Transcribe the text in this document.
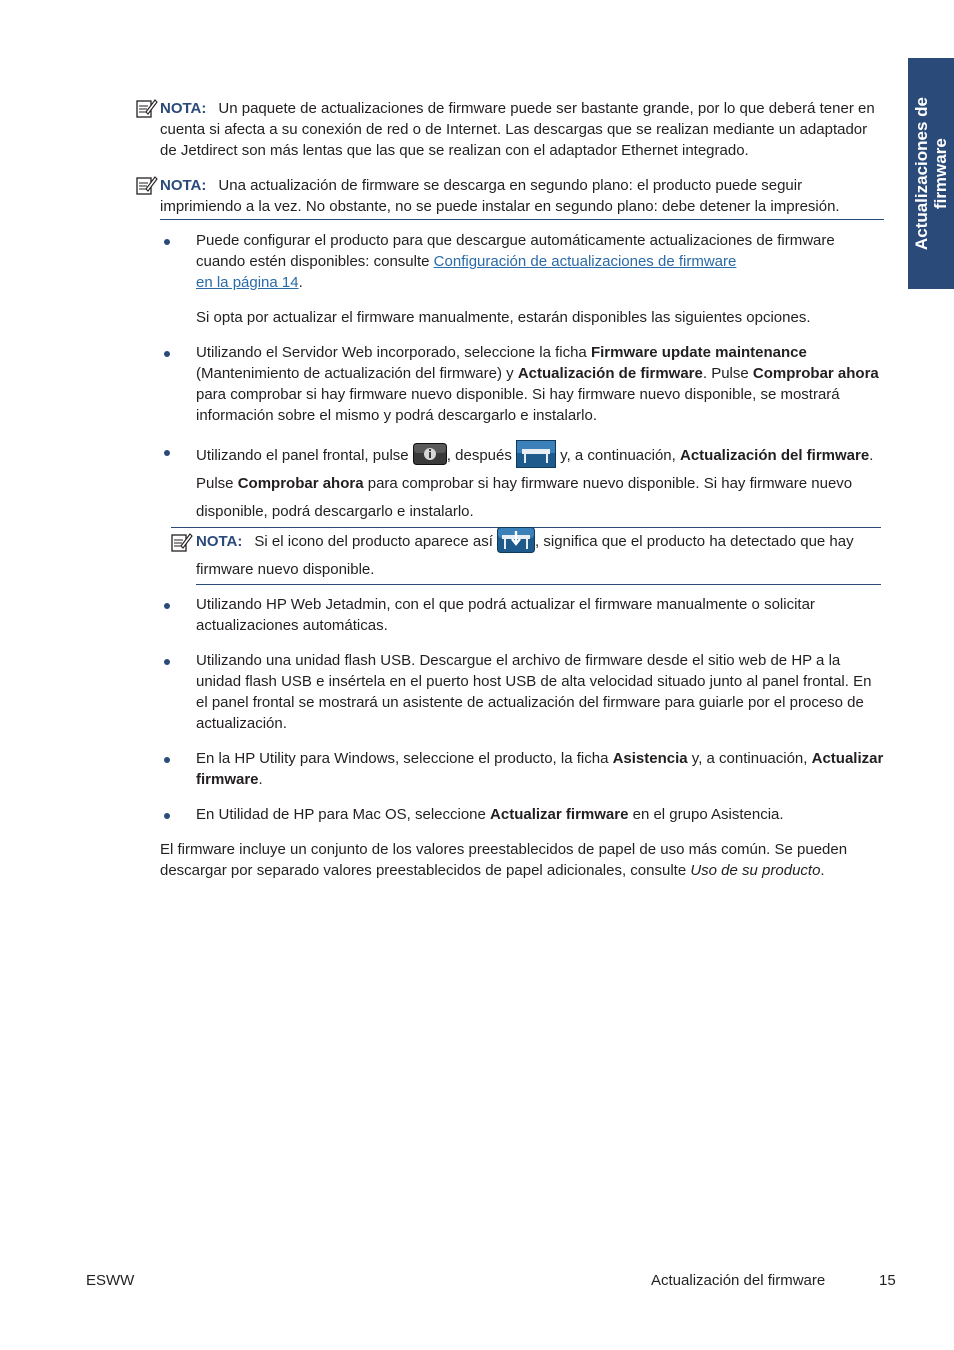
Actualizaciones de
firmware
NOTA: Un paquete de actualizaciones de firmware puede ser bastante grande, por lo que deberá tener en cuenta si afecta a su conexión de red o de Internet. Las descargas que se realizan mediante un adaptador de Jetdirect son más lentas que las que se realizan con el adaptador Ethernet integrado.
NOTA: Una actualización de firmware se descarga en segundo plano: el producto puede seguir imprimiendo a la vez. No obstante, no se puede instalar en segundo plano: debe detener la impresión.
Puede configurar el producto para que descargue automáticamente actualizaciones de firmware cuando estén disponibles: consulte Configuración de actualizaciones de firmware
en la página 14.
Si opta por actualizar el firmware manualmente, estarán disponibles las siguientes opciones.
Utilizando el Servidor Web incorporado, seleccione la ficha Firmware update maintenance (Mantenimiento de actualización del firmware) y Actualización de firmware. Pulse Comprobar ahora para comprobar si hay firmware nuevo disponible. Si hay firmware nuevo disponible, se mostrará información sobre el mismo y podrá descargarlo e instalarlo.
Utilizando el panel frontal, pulse , después	y, a continuación, Actualización del firmware. Pulse Comprobar ahora para comprobar si hay firmware nuevo disponible. Si hay firmware nuevo disponible, podrá descargarlo e instalarlo.
NOTA: Si el icono del producto aparece así	, significa que el producto ha detectado que hay firmware nuevo disponible.
Utilizando HP Web Jetadmin, con el que podrá actualizar el firmware manualmente o solicitar actualizaciones automáticas.
Utilizando una unidad flash USB. Descargue el archivo de firmware desde el sitio web de HP a la unidad flash USB e insértela en el puerto host USB de alta velocidad situado junto al panel frontal. En el panel frontal se mostrará un asistente de actualización del firmware para guiarle por el proceso de actualización.
En la HP Utility para Windows, seleccione el producto, la ficha Asistencia y, a continuación, Actualizar firmware.
En Utilidad de HP para Mac OS, seleccione Actualizar firmware en el grupo Asistencia.
El firmware incluye un conjunto de los valores preestablecidos de papel de uso más común. Se pueden descargar por separado valores preestablecidos de papel adicionales, consulte Uso de su producto.
ESWW	Actualización del firmware	15
